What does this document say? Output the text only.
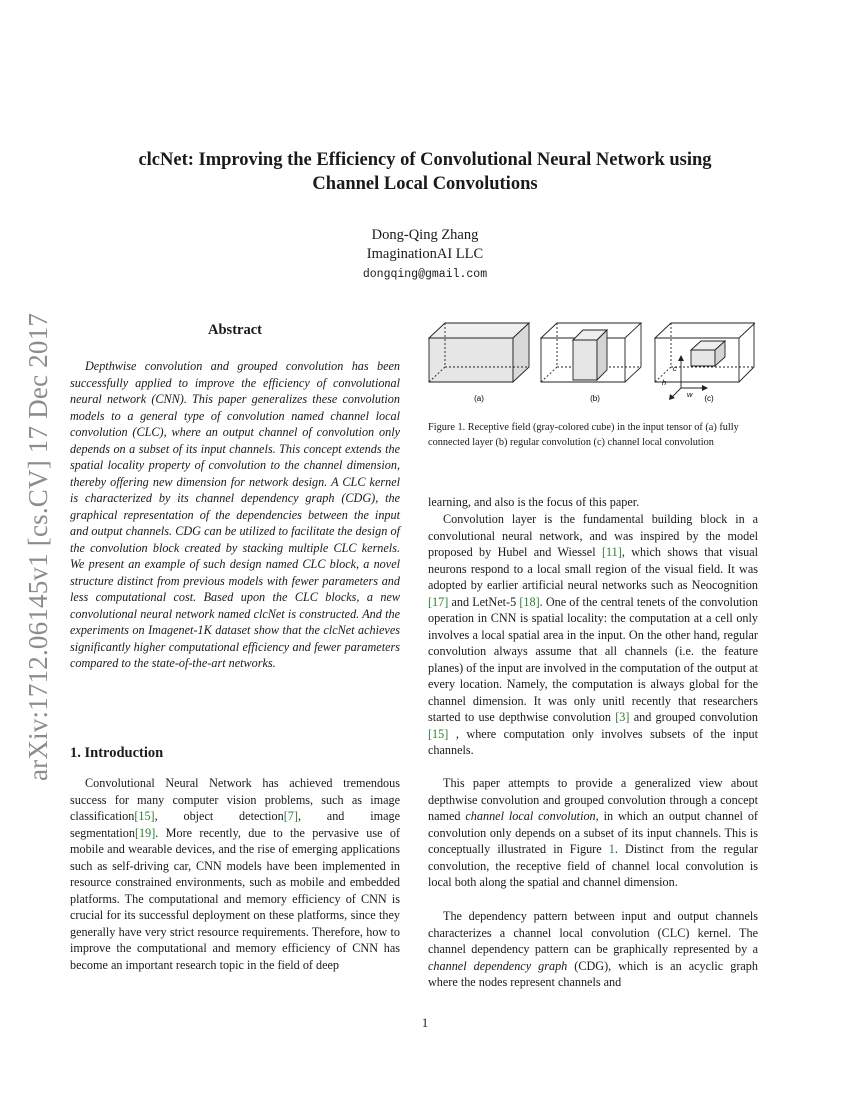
arXiv:1712.06145v1 [cs.CV] 17 Dec 2017
clcNet: Improving the Efficiency of Convolutional Neural Network using
Channel Local Convolutions
Dong-Qing Zhang
ImaginationAI LLC
dongqing@gmail.com
Abstract

Depthwise convolution and grouped convolution has been successfully applied to improve the efficiency of convolutional neural network (CNN). This paper generalizes these convolution models to a general type of convolution named channel local convolution (CLC), where an output channel of convolution only depends on a subset of its input channels. This concept extends the spatial locality property of convolution to the channel dimension, thereby offering new dimension for network design. A CLC kernel is characterized by its channel dependency graph (CDG), the graphical representation of the dependencies between the input and output channels. CDG can be utilized to facilitate the design of the convolution block created by stacking multiple CLC kernels. We present an example of such design named CLC block, a novel structure distinct from previous models with fewer parameters and less computational cost. Based upon the CLC blocks, a new convolutional neural network named clcNet is constructed. And the experiments on Imagenet-1K dataset show that the clcNet achieves significantly higher computational efficiency and fewer parameters compared to the state-of-the-art networks.

1. Introduction

Convolutional Neural Network has achieved tremendous success for many computer vision problems, such as image classification[15], object detection[7], and image segmentation[19]. More recently, due to the pervasive use of mobile and wearable devices, and the rise of emerging applications such as self-driving car, CNN models have been implemented in resource constrained environments, such as mobile and embedded platforms. The computational and memory efficiency of CNN is crucial for its successful deployment on these platforms, since they generally have very strict resource requirements. Therefore, how to improve the computational and memory efficiency of CNN has become an important research topic in the field of deep

(a)	(b)
c
h
w (c)
Figure 1. Receptive field (gray-colored cube) in the input tensor of (a) fully connected layer (b) regular convolution (c) channel local convolution

learning, and also is the focus of this paper.

Convolution layer is the fundamental building block in a convolutional neural network, and was inspired by the model proposed by Hubel and Wiessel [11], which shows that visual neurons respond to a local small region of the visual field. It was adopted by earlier artificial neural networks such as Neocognition [17] and LetNet-5 [18]. One of the central tenets of the convolution operation in CNN is spatial locality: the computation at a cell only involves a local spatial area in the input. On the other hand, regular convolution always assume that all channels (i.e. the feature planes) of the input are involved in the computation of the output at every location. Namely, the computation is always global for the channel dimension. It was only unitl recently that researchers started to use depthwise convolution [3] and grouped convolution [15] , where computation only involves subsets of the input channels.

This paper attempts to provide a generalized view about depthwise convolution and grouped convolution through a concept named channel local convolution, in which an output channel of convolution only depends on a subset of its input channels. This is conceptually illustrated in Figure 1. Distinct from the regular convolution, the receptive field of channel local convolution is local both along the spatial and channel dimension.

The dependency pattern between input and output channels characterizes a channel local convolution (CLC) kernel. The channel dependency pattern can be graphically represented by a channel dependency graph (CDG), which is an acyclic graph where the nodes represent channels and

1
